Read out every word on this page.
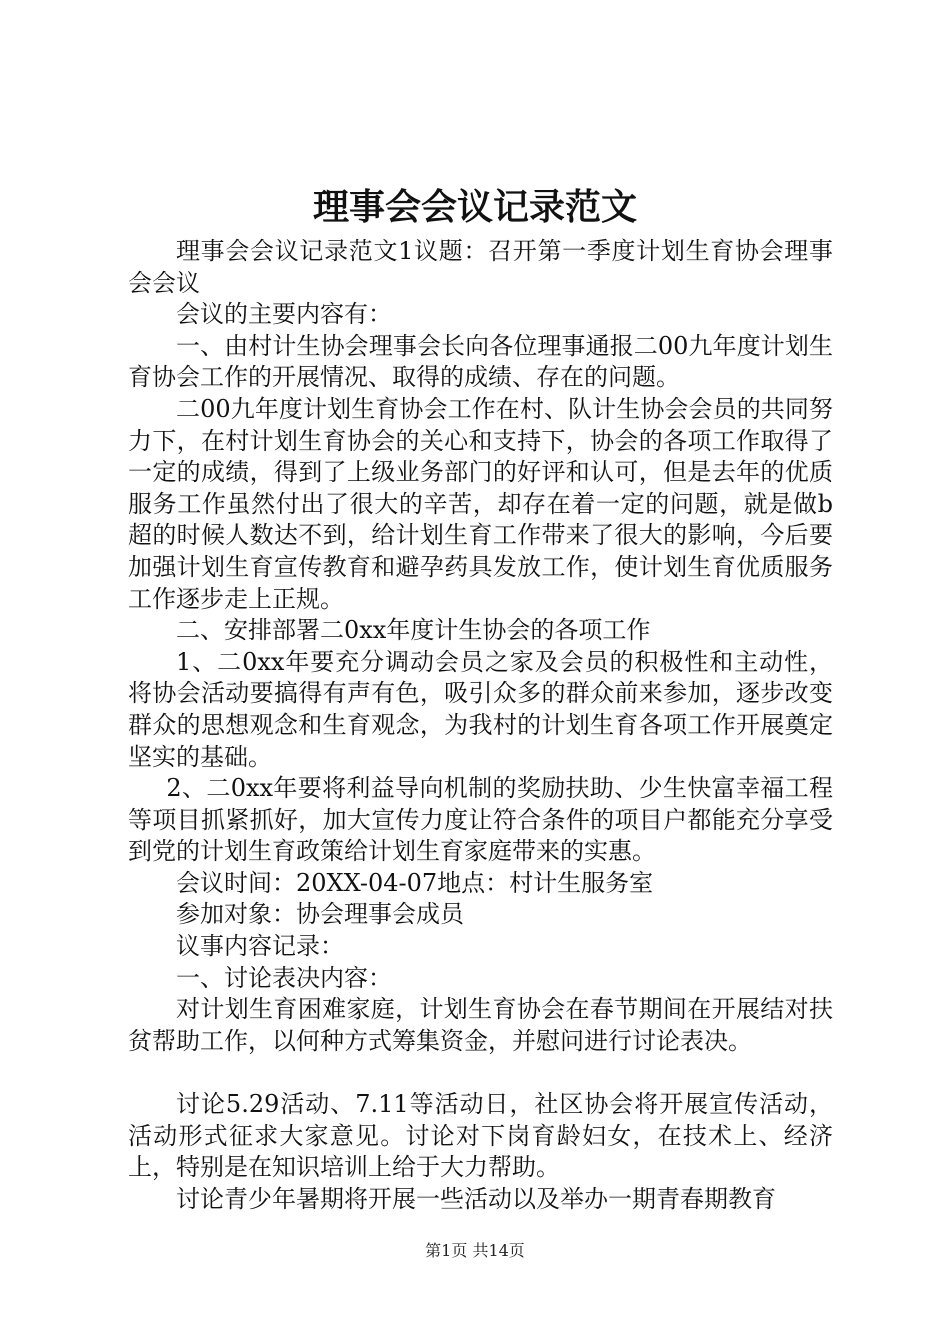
理事会会议记录范文

理事会会议记录范文1议题：召开第一季度计划生育协会理事会会议

会议的主要内容有：

一、由村计生协会理事会长向各位理事通报二00九年度计划生育协会工作的开展情况、取得的成绩、存在的问题。

二00九年度计划生育协会工作在村、队计生协会会员的共同努力下，在村计划生育协会的关心和支持下，协会的各项工作取得了一定的成绩，得到了上级业务部门的好评和认可，但是去年的优质服务工作虽然付出了很大的辛苦，却存在着一定的问题，就是做b超的时候人数达不到，给计划生育工作带来了很大的影响，今后要加强计划生育宣传教育和避孕药具发放工作，使计划生育优质服务工作逐步走上正规。

二、安排部署二0xx年度计生协会的各项工作

1、二0xx年要充分调动会员之家及会员的积极性和主动性，将协会活动要搞得有声有色，吸引众多的群众前来参加，逐步改变群众的思想观念和生育观念，为我村的计划生育各项工作开展奠定坚实的基础。

2、二0xx年要将利益导向机制的奖励扶助、少生快富幸福工程等项目抓紧抓好，加大宣传力度让符合条件的项目户都能充分享受到党的计划生育政策给计划生育家庭带来的实惠。

会议时间：20XX-04-07地点：村计生服务室

参加对象：协会理事会成员

议事内容记录：

一、讨论表决内容：

对计划生育困难家庭，计划生育协会在春节期间在开展结对扶贫帮助工作，以何种方式筹集资金，并慰问进行讨论表决。

讨论5.29活动、7.11等活动日，社区协会将开展宣传活动，活动形式征求大家意见。讨论对下岗育龄妇女，在技术上、经济上，特别是在知识培训上给于大力帮助。

讨论青少年暑期将开展一些活动以及举办一期青春期教育

第1页 共14页
